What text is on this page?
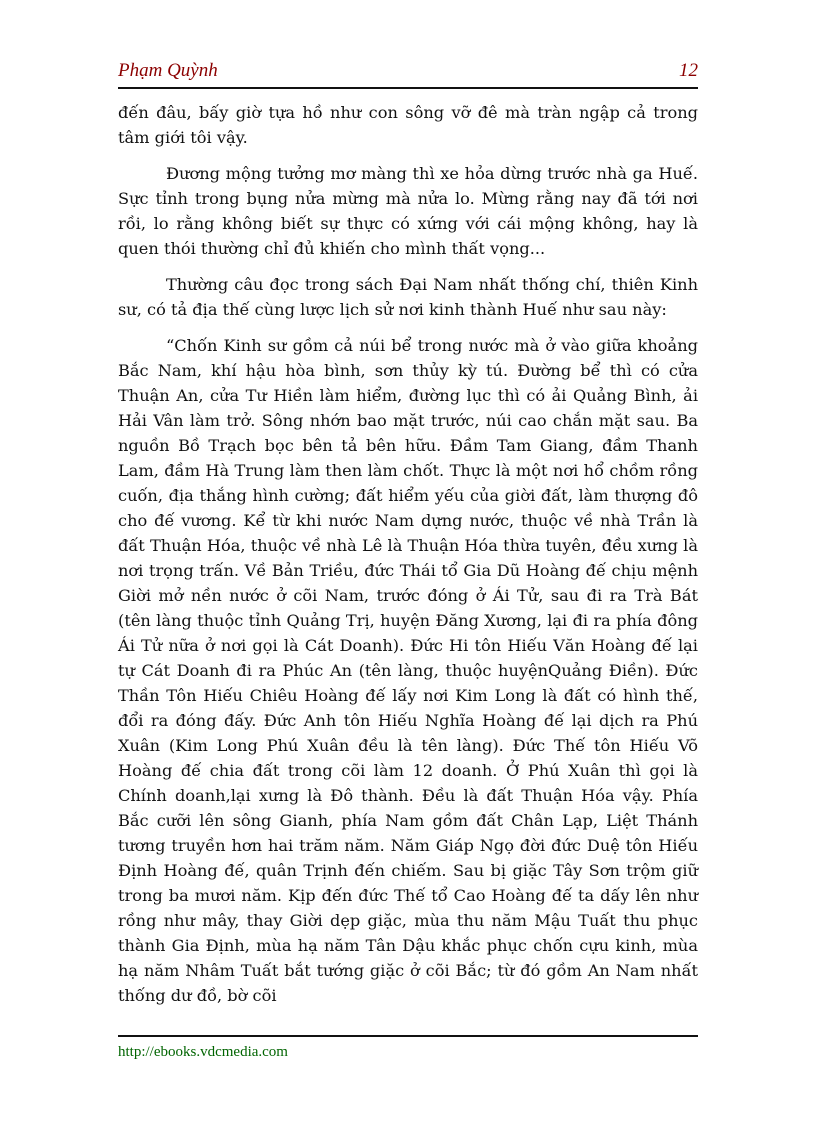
Phạm Quỳnh	12

đến đâu, bấy giờ tựa hồ như con sông vỡ đê mà tràn ngập cả trong tâm giới tôi vậy.

Đương mộng tưởng mơ màng thì xe hỏa dừng trước nhà ga Huế. Sực tỉnh trong bụng nửa mừng mà nửa lo. Mừng rằng nay đã tới nơi rồi, lo rằng không biết sự thực có xứng với cái mộng không, hay là quen thói thường chỉ đủ khiến cho mình thất vọng...

Thường câu đọc trong sách Đại Nam nhất thống chí, thiên Kinh sư, có tả địa thế cùng lược lịch sử nơi kinh thành Huế như sau này:

“Chốn Kinh sư gồm cả núi bể trong nước mà ở vào giữa khoảng Bắc Nam, khí hậu hòa bình, sơn thủy kỳ tú. Đường bể thì có cửa Thuận An, cửa Tư Hiền làm hiểm, đường lục thì có ải Quảng Bình, ải Hải Vân làm trở. Sông nhớn bao mặt trước, núi cao chắn mặt sau. Ba nguồn Bồ Trạch bọc bên tả bên hữu. Đầm Tam Giang, đầm Thanh Lam, đầm Hà Trung làm then làm chốt. Thực là một nơi hổ chồm rồng cuốn, địa thắng hình cường; đất hiểm yếu của giời đất, làm thượng đô cho đế vương. Kể từ khi nước Nam dựng nước, thuộc về nhà Trần là đất Thuận Hóa, thuộc về nhà Lê là Thuận Hóa thừa tuyên, đều xưng là nơi trọng trấn. Về Bản Triều, đức Thái tổ Gia Dũ Hoàng đế chịu mệnh Giời mở nền nước ở cõi Nam, trước đóng ở Ái Tử, sau đi ra Trà Bát (tên làng thuộc tỉnh Quảng Trị, huyện Đăng Xương, lại đi ra phía đông Ái Tử nữa ở nơi gọi là Cát Doanh). Đức Hi tôn Hiếu Văn Hoàng đế lại tự Cát Doanh đi ra Phúc An (tên làng, thuộc huyệnQuảng Điền). Đức Thần Tôn Hiếu Chiêu Hoàng đế lấy nơi Kim Long là đất có hình thế, đổi ra đóng đấy. Đức Anh tôn Hiếu Nghĩa Hoàng đế lại dịch ra Phú Xuân (Kim Long Phú Xuân đều là tên làng). Đức Thế tôn Hiếu Võ Hoàng đế chia đất trong cõi làm 12 doanh. Ở Phú Xuân thì gọi là Chính doanh,lại xưng là Đô thành. Đều là đất Thuận Hóa vậy. Phía Bắc cưỡi lên sông Gianh, phía Nam gồm đất Chân Lạp, Liệt Thánh tương truyền hơn hai trăm năm. Năm Giáp Ngọ đời đức Duệ tôn Hiếu Định Hoàng đế, quân Trịnh đến chiếm. Sau bị giặc Tây Sơn trộm giữ trong ba mươi năm. Kịp đến đức Thế tổ Cao Hoàng đế ta dấy lên như rồng như mây, thay Giời dẹp giặc, mùa thu năm Mậu Tuất thu phục thành Gia Định, mùa hạ năm Tân Dậu khắc phục chốn cựu kinh, mùa hạ năm Nhâm Tuất bắt tướng giặc ở cõi Bắc; từ đó gồm An Nam nhất thống dư đồ, bờ cõi

http://ebooks.vdcmedia.com
